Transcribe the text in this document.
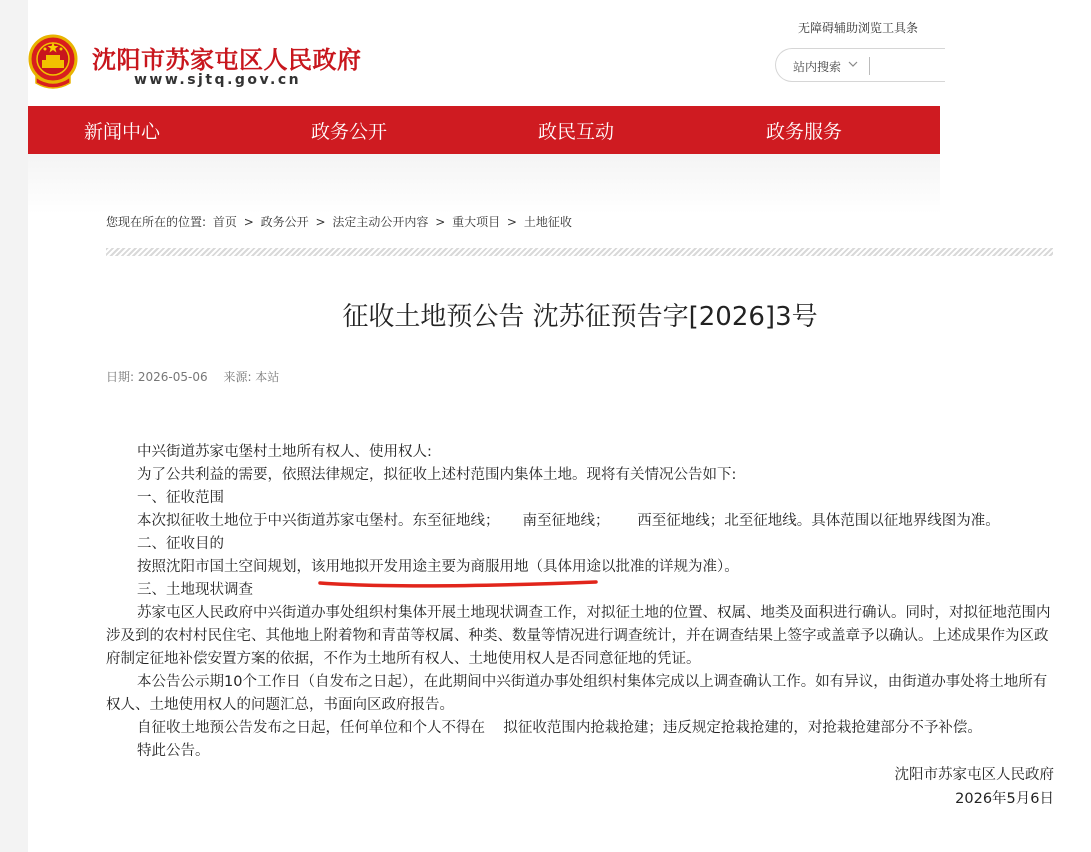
沈阳市苏家屯区人民政府
www.sjtq.gov.cn
无障碍辅助浏览工具条
站内搜索
新闻中心	政务公开	政民互动	政务服务
您现在所在的位置: 首页 > 政务公开 > 法定主动公开内容 > 重大项目 > 土地征收
征收土地预公告 沈苏征预告字[2026]3号
日期: 2026-05-06 来源: 本站

中兴街道苏家屯堡村土地所有权人、使用权人:

为了公共利益的需要，依照法律规定，拟征收上述村范围内集体土地。现将有关情况公告如下:

一、征收范围

本次拟征收土地位于中兴街道苏家屯堡村。东至征地线；     南至征地线；      西至征地线；北至征地线。具体范围以征地界线图为准。

二、征收目的

按照沈阳市国土空间规划，该用地拟开发用途主要为商服用地（具体用途以批准的详规为准）。

三、土地现状调查

苏家屯区人民政府中兴街道办事处组织村集体开展土地现状调查工作，对拟征土地的位置、权属、地类及面积进行确认。同时，对拟征地范围内涉及到的农村村民住宅、其他地上附着物和青苗等权属、种类、数量等情况进行调查统计，并在调查结果上签字或盖章予以确认。上述成果作为区政府制定征地补偿安置方案的依据，不作为土地所有权人、土地使用权人是否同意征地的凭证。

本公告公示期10个工作日（自发布之日起），在此期间中兴街道办事处组织村集体完成以上调查确认工作。如有异议，由街道办事处将土地所有权人、土地使用权人的问题汇总，书面向区政府报告。

自征收土地预公告发布之日起，任何单位和个人不得在    拟征收范围内抢栽抢建；违反规定抢栽抢建的，对抢栽抢建部分不予补偿。

特此公告。

沈阳市苏家屯区人民政府
2026年5月6日
